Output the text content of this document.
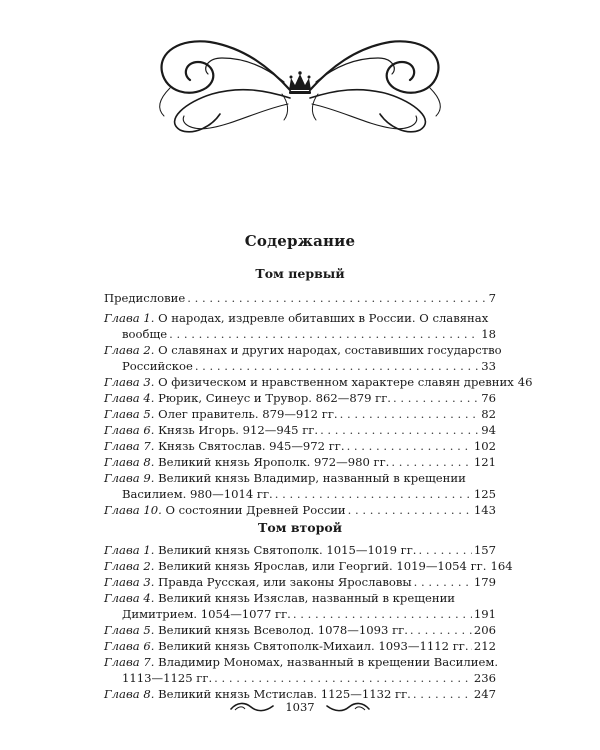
Содержание
Том первый
Предисловие . . .	7
Глава 1. О народах, издревле обитавших в России. О славянах
вообще . . .	18
Глава 2. О славянах и других народах, составивших государство
Российское . . .	33
Глава 3. О физическом и нравственном характере славян древних 46
Глава 4. Рюрик, Синеус и Трувор. 862—879 гг. . . .	76
Глава 5. Олег правитель. 879—912 гг. . . .	82
Глава 6. Князь Игорь. 912—945 гг. . . .	94
Глава 7. Князь Святослав. 945—972 гг. . . .	102
Глава 8. Великий князь Ярополк. 972—980 гг. . . .	121
Глава 9. Великий князь Владимир, названный в крещении
Василием. 980—1014 гг. . . .	125
Глава 10. О состоянии Древней России . . .	143
Том второй
Глава 1. Великий князь Святополк. 1015—1019 гг. . . .	157
Глава 2. Великий князь Ярослав, или Георгий. 1019—1054 гг. 164
Глава 3. Правда Русская, или законы Ярославовы . . .	179
Глава 4. Великий князь Изяслав, названный в крещении
Димитрием. 1054—1077 гг. . . .	191
Глава 5. Великий князь Всеволод. 1078—1093 гг. . . .	206
Глава 6. Великий князь Святополк-Михаил. 1093—1112 гг. . . . 212
Глава 7. Владимир Мономах, названный в крещении Василием.
1113—1125 гг. . . .	236
Глава 8. Великий князь Мстислав. 1125—1132 гг. . . .	247
1037
